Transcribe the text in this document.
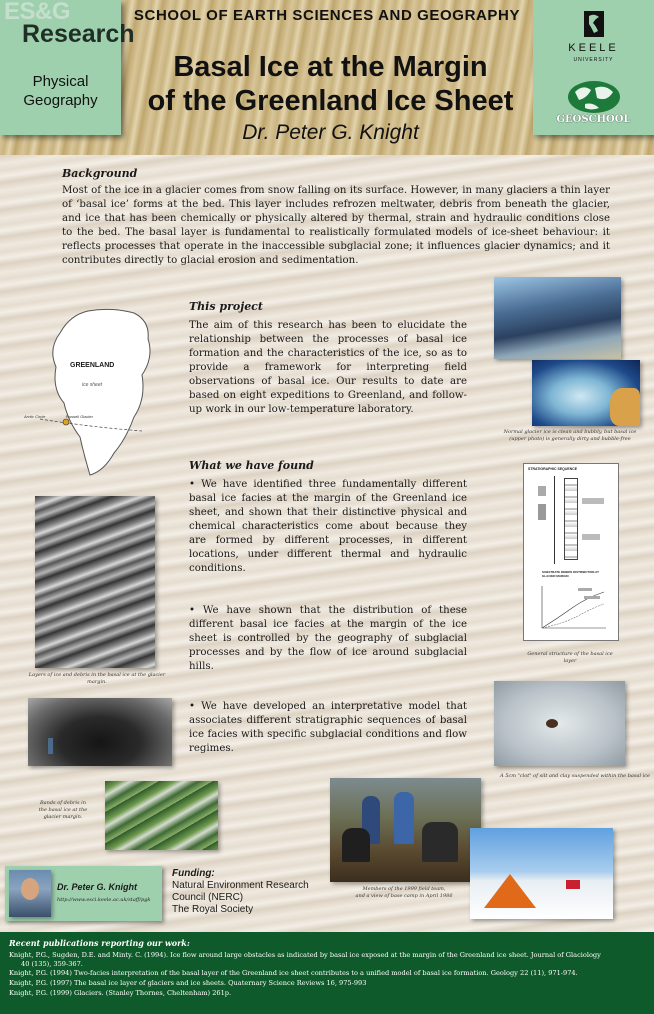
SCHOOL OF EARTH SCIENCES AND GEOGRAPHY
ES&G
Research
Physical
Geography
Basal Ice at the Margin
of the Greenland Ice Sheet
Dr. Peter G. Knight
KEELE
UNIVERSITY
GEOSCHOOL
Background
Most of the ice in a glacier comes from snow falling on its surface. However, in many glaciers a thin layer of ‘basal ice’ forms at the bed. This layer includes refrozen meltwater, debris from beneath the glacier, and ice that has been chemically or physically altered by thermal, strain and hydraulic conditions close to the bed. The basal layer is fundamental to realistically formulated models of ice-sheet behaviour: it reflects processes that operate in the inaccessible subglacial zone; it influences glacier dynamics; and it contributes directly to glacial erosion and sedimentation.
GREENLAND
ice sheet
Russell Glacier
Arctic Circle
This project
The aim of this research has been to elucidate the relationship between the processes of basal ice formation and the characteristics of the ice, so as to provide a framework for interpreting field observations of basal ice. Our results to date are based on eight expeditions to Greenland, and follow-up work in our low-temperature laboratory.
Normal glacier ice is clean and bubbly, but basal ice (upper photo) is generally dirty and bubble-free
What we have found
• We have identified three fundamentally different basal ice facies at the margin of the Greenland ice sheet, and shown that their distinctive physical and chemical characteristics come about because they are formed by different processes, in different locations, under different thermal and hydraulic conditions.
• We have shown that the distribution of these different basal ice facies at the margin of the ice sheet is controlled by the geography of subglacial processes and by the flow of ice around subglacial hills.
• We have developed an interpretative model that associates different stratigraphic sequences of basal ice facies with specific subglacial conditions and flow regimes.
Layers of ice and debris in the basal ice at the glacier margin.
STRATIGRAPHIC SEQUENCE
SUBSTRATE DEBRIS DISTRIBUTION AT GLACIER MARGIN
General structure of the basal ice layer
Bands of debris in
the basal ice at the
glacier margin.
A 5cm "clot" of silt and clay suspended within the basal ice
Members of the 1999 field team,
and a view of base camp in April 1986
Dr. Peter G. Knight
http://www.esci.keele.ac.uk/staff/pgk
Funding:
Natural Environment Research
Council (NERC)
The Royal Society
Recent publications reporting our work:
Knight, P.G., Sugden, D.E. and Minty. C. (1994). Ice flow around large obstacles as indicated by basal ice exposed at the margin of the Greenland ice sheet. Journal of Glaciology
40 (135), 359-367.
Knight, P.G. (1994) Two-facies interpretation of the basal layer of the Greenland ice sheet contributes to a unified model of basal ice formation. Geology 22 (11), 971-974.
Knight, P.G. (1997) The basal ice layer of glaciers and ice sheets. Quaternary Science Reviews 16, 975-993
Knight, P.G. (1999) Glaciers. (Stanley Thornes, Cheltenham) 261p.
